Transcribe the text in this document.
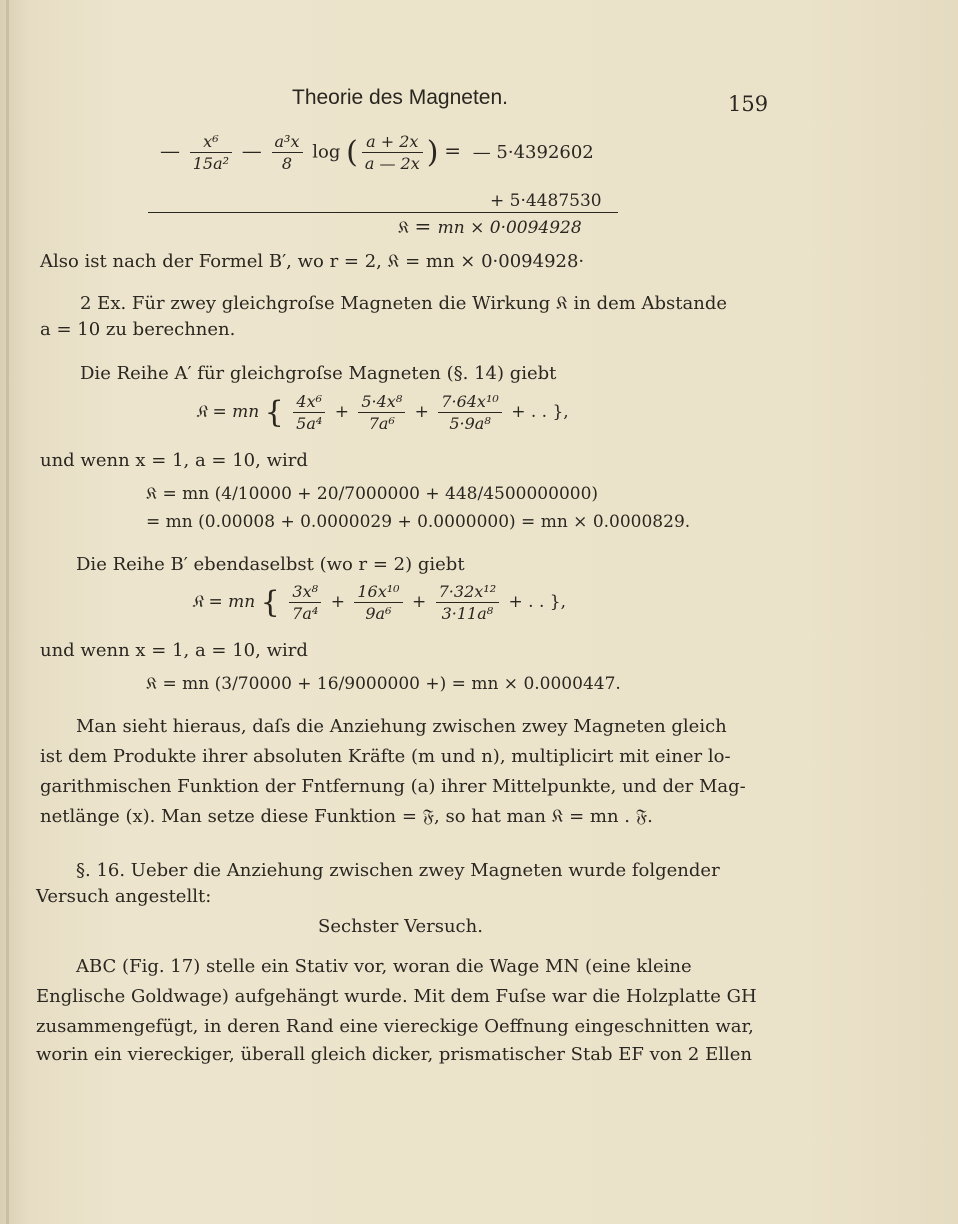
Theorie des Magneten.	159
— $\frac{\text{x⁶}}{\text{15a²}}$ — $\frac{\text{a³x}}{8}$ log ( $\frac{a + 2x}{a — 2x}$ ) = — 5·4392602
+ 5·4487530
𝔎 = mn × 0·0094928
Also ist nach der Formel B′, wo r = 2, 𝔎 = mn × 0·0094928·
2 Ex. Für zwey gleichgroſse Magneten die Wirkung 𝔎 in dem Abstande
a = 10 zu berechnen.
Die Reihe A′ für gleichgroſse Magneten (§. 14) giebt
𝔎 = mn { $\frac{\text{4x⁶}}{\text{5a⁴}} + \frac{\text{5·4x⁸}}{\text{7a⁶}} + \frac{\text{7·64x¹⁰}}{\text{5·9a⁸}}$ + . . },
und wenn x = 1, a = 10, wird
𝔎 = mn (4/10000 + 20/7000000 + 448/4500000000)
= mn (0.00008 + 0.0000029 + 0.0000000) = mn × 0.0000829.
Die Reihe B′ ebendaselbst (wo r = 2) giebt
𝔎 = mn { $\frac{\text{3x⁸}}{\text{7a⁴}} + \frac{\text{16x¹⁰}}{\text{9a⁶}} + \frac{\text{7·32x¹²}}{\text{3·11a⁸}}$ + . . },
und wenn x = 1, a = 10, wird
𝔎 = mn (3/70000 + 16/9000000 +) = mn × 0.0000447.
Man sieht hieraus, daſs die Anziehung zwischen zwey Magneten gleich
ist dem Produkte ihrer absoluten Kräfte (m und n), multiplicirt mit einer lo-
garithmischen Funktion der Fntfernung (a) ihrer Mittelpunkte, und der Mag-
netlänge (x). Man setze diese Funktion = 𝔉, so hat man 𝔎 = mn . 𝔉.
§. 16. Ueber die Anziehung zwischen zwey Magneten wurde folgender
Versuch angestellt:
Sechster Versuch.
ABC (Fig. 17) stelle ein Stativ vor, woran die Wage MN (eine kleine
Englische Goldwage) aufgehängt wurde. Mit dem Fuſse war die Holzplatte GH
zusammengefügt, in deren Rand eine viereckige Oeffnung eingeschnitten war,
worin ein viereckiger, überall gleich dicker, prismatischer Stab EF von 2 Ellen
